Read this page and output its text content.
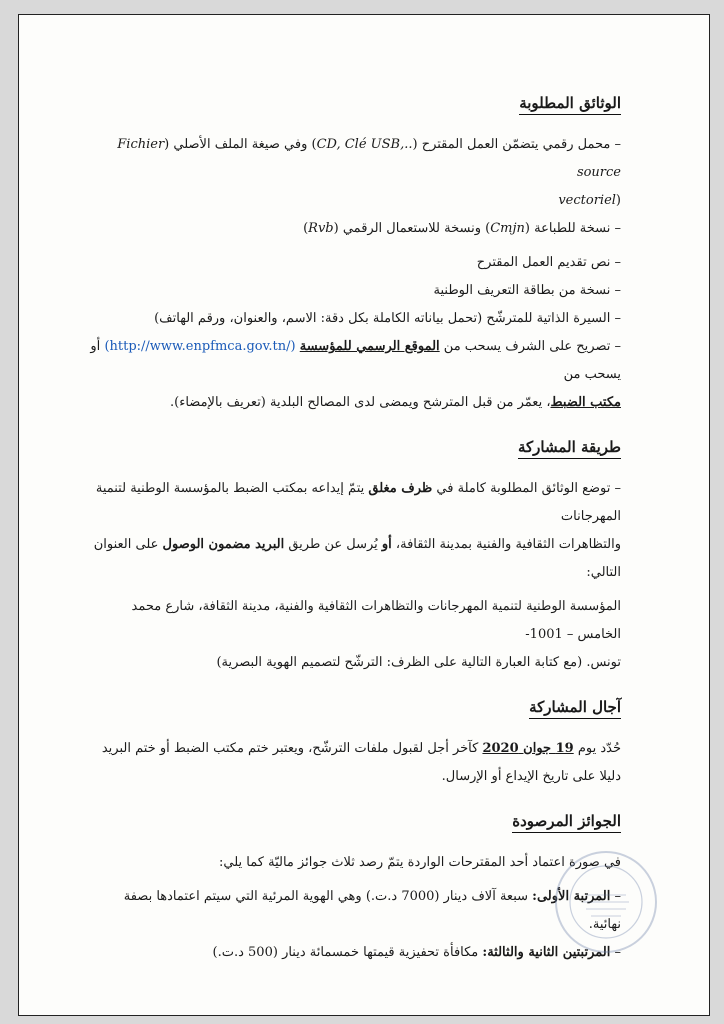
الوثائق المطلوبة

– محمل رقمي يتضمّن العمل المقترح (CD, Clé USB,..) وفي صيغة الملف الأصلي (Fichier source

(vectoriel

– نسخة للطباعة (Cmjn) ونسخة للاستعمال الرقمي (Rvb)

– نص تقديم العمل المقترح

– نسخة من بطاقة التعريف الوطنية

– السيرة الذاتية للمترشّح (تحمل بياناته الكاملة بكل دقة: الاسم، والعنوان، ورقم الهاتف)

– تصريح على الشرف يسحب من الموقع الرسمي للمؤسسة (http://www.enpfmca.gov.tn/) أو يسحب من

مكتب الضبط، يعمّر من قبل المترشح ويمضى لدى المصالح البلدية (تعريف بالإمضاء).

طريقة المشاركة

– توضع الوثائق المطلوبة كاملة في ظرف مغلق يتمّ إيداعه بمكتب الضبط بالمؤسسة الوطنية لتنمية المهرجانات

والتظاهرات الثقافية والفنية بمدينة الثقافة، أو يُرسل عن طريق البريد مضمون الوصول على العنوان التالي:

المؤسسة الوطنية لتنمية المهرجانات والتظاهرات الثقافية والفنية، مدينة الثقافة، شارع محمد الخامس – 1001-

تونس. (مع كتابة العبارة التالية على الظرف: الترشّح لتصميم الهوية البصرية)

آجال المشاركة

حُدّد يوم 19 جوان 2020 كآخر أجل لقبول ملفات الترشّح، ويعتبر ختم مكتب الضبط أو ختم البريد

دليلا على تاريخ الإيداع أو الإرسال.

الجوائز المرصودة

في صورة اعتماد أحد المقترحات الواردة يتمّ رصد ثلاث جوائز ماليّة كما يلي:

– المرتبة الأولى: سبعة آلاف دينار (7000 د.ت.) وهي الهوية المرئية التي سيتم اعتمادها بصفة نهائية.

– المرتبتين الثانية والثالثة: مكافأة تحفيزية قيمتها خمسمائة دينار (500 د.ت.)
